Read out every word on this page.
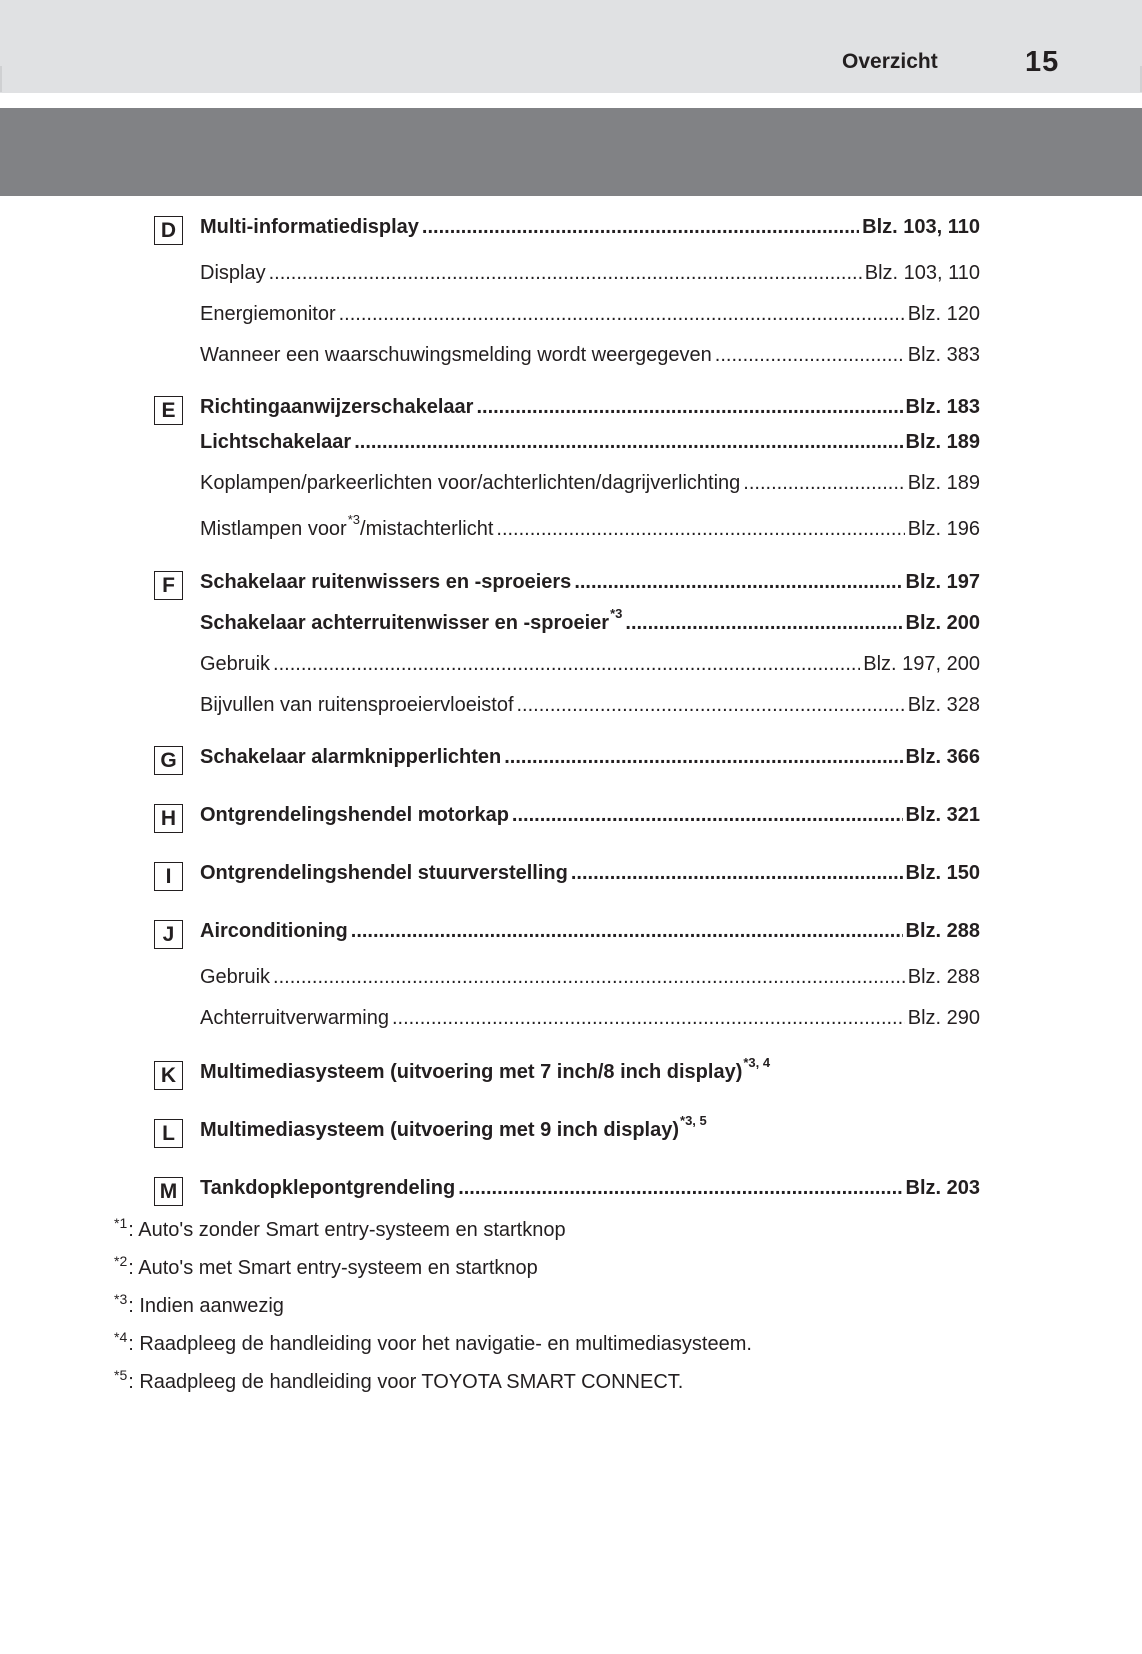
Overzicht	15
D	Multi-informatiedisplay .....	Blz. 103, 110
Display .....	Blz. 103, 110
Energiemonitor .....	Blz. 120
Wanneer een waarschuwingsmelding wordt weergegeven .....	Blz. 383
E	Richtingaanwijzerschakelaar .....	Blz. 183
Lichtschakelaar .....	Blz. 189
Koplampen/parkeerlichten voor/achterlichten/dagrijverlichting .....	Blz. 189
Mistlampen voor$^{*3}$/mistachterlicht .....	Blz. 196
F	Schakelaar ruitenwissers en -sproeiers .....	Blz. 197
Schakelaar achterruitenwisser en -sproeier$^{*3}$ .....	Blz. 200
Gebruik .....	Blz. 197, 200
Bijvullen van ruitensproeiervloeistof .....	Blz. 328
G	Schakelaar alarmknipperlichten .....	Blz. 366
H	Ontgrendelingshendel motorkap .....	Blz. 321
I	Ontgrendelingshendel stuurverstelling .....	Blz. 150
J	Airconditioning .....	Blz. 288
Gebruik .....	Blz. 288
Achterruitverwarming .....	Blz. 290
K	Multimediasysteem (uitvoering met 7 inch/8 inch display)$^{*3, 4}$
L	Multimediasysteem (uitvoering met 9 inch display)$^{*3, 5}$
M Tankdopklepontgrendeling .....	Blz. 203
$^{*1}$: Auto's zonder Smart entry-systeem en startknop
$^{*2}$: Auto's met Smart entry-systeem en startknop
$^{*3}$: Indien aanwezig
$^{*4}$: Raadpleeg de handleiding voor het navigatie- en multimediasysteem.
$^{*5}$: Raadpleeg de handleiding voor TOYOTA SMART CONNECT.
